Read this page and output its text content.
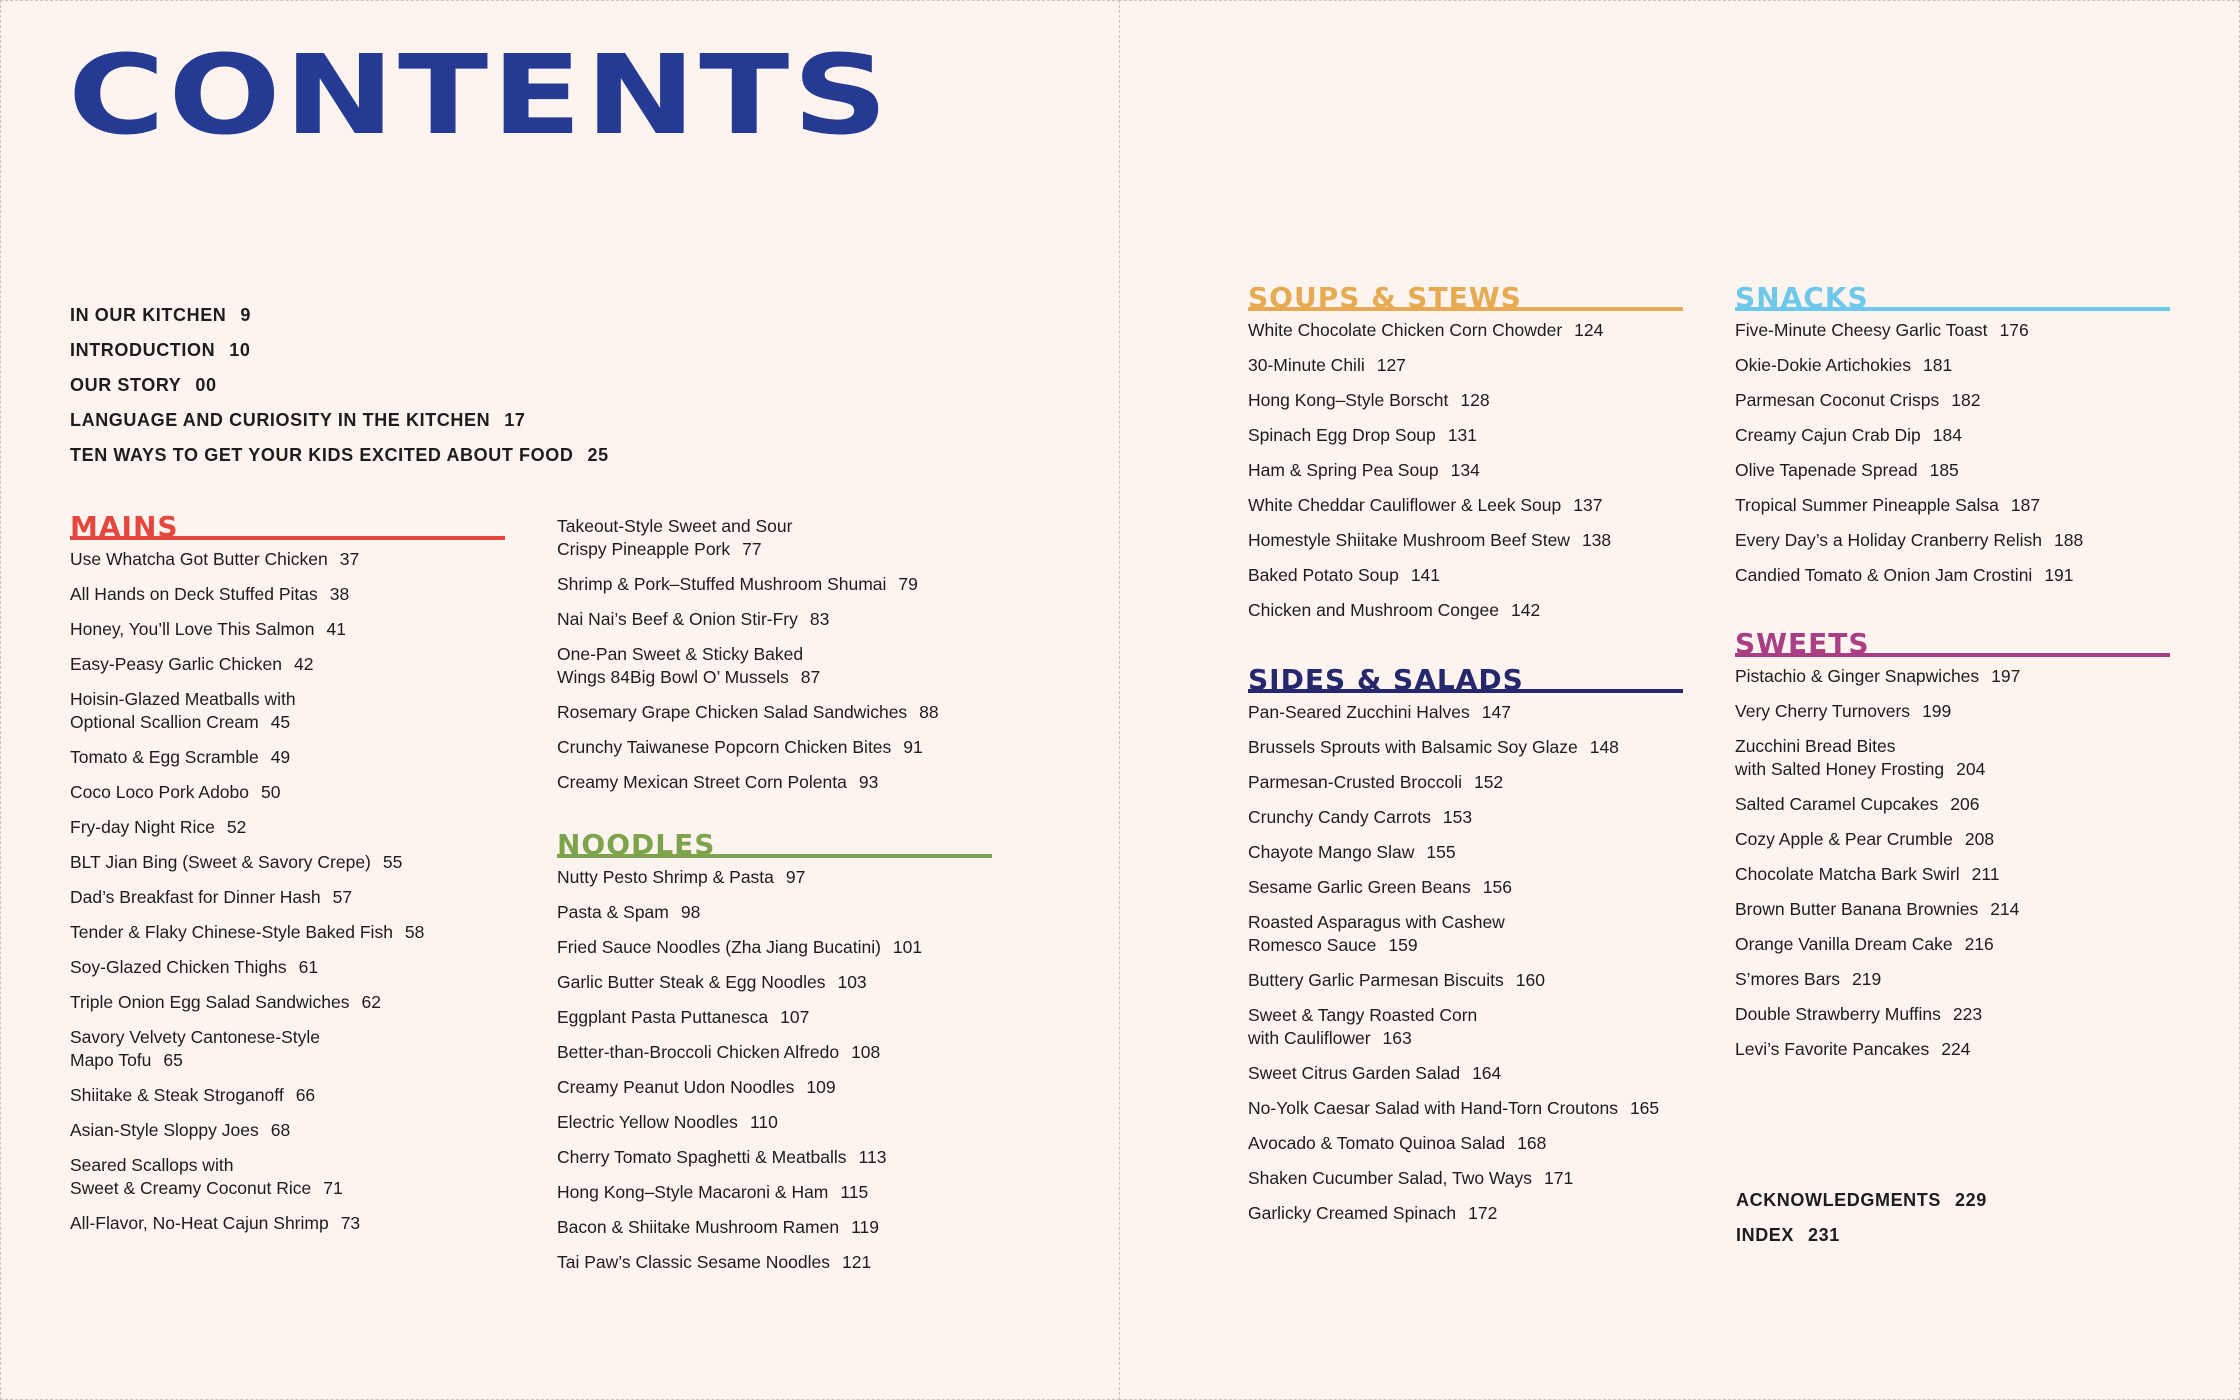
CONTENTS
IN OUR KITCHEN 9
INTRODUCTION 10
OUR STORY 00
LANGUAGE AND CURIOSITY IN THE KITCHEN 17
TEN WAYS TO GET YOUR KIDS EXCITED ABOUT FOOD 25
MAINS
Use Whatcha Got Butter Chicken 37
All Hands on Deck Stuffed Pitas 38
Honey, You’ll Love This Salmon 41
Easy-Peasy Garlic Chicken 42
Hoisin-Glazed Meatballs with
Optional Scallion Cream 45
Tomato & Egg Scramble 49
Coco Loco Pork Adobo 50
Fry-day Night Rice 52
BLT Jian Bing (Sweet & Savory Crepe) 55
Dad’s Breakfast for Dinner Hash 57
Tender & Flaky Chinese-Style Baked Fish 58
Soy-Glazed Chicken Thighs 61
Triple Onion Egg Salad Sandwiches 62
Savory Velvety Cantonese-Style
Mapo Tofu 65
Shiitake & Steak Stroganoff 66
Asian-Style Sloppy Joes 68
Seared Scallops with
Sweet & Creamy Coconut Rice 71
All-Flavor, No-Heat Cajun Shrimp 73
Takeout-Style Sweet and Sour
Crispy Pineapple Pork 77
Shrimp & Pork–Stuffed Mushroom Shumai 79
Nai Nai’s Beef & Onion Stir-Fry 83
One-Pan Sweet & Sticky Baked
Wings 84Big Bowl O’ Mussels 87
Rosemary Grape Chicken Salad Sandwiches 88
Crunchy Taiwanese Popcorn Chicken Bites 91
Creamy Mexican Street Corn Polenta 93
NOODLES
Nutty Pesto Shrimp & Pasta 97
Pasta & Spam 98
Fried Sauce Noodles (Zha Jiang Bucatini) 101
Garlic Butter Steak & Egg Noodles 103
Eggplant Pasta Puttanesca 107
Better-than-Broccoli Chicken Alfredo 108
Creamy Peanut Udon Noodles 109
Electric Yellow Noodles 110
Cherry Tomato Spaghetti & Meatballs 113
Hong Kong–Style Macaroni & Ham 115
Bacon & Shiitake Mushroom Ramen 119
Tai Paw’s Classic Sesame Noodles 121
SOUPS & STEWS
White Chocolate Chicken Corn Chowder 124
30-Minute Chili 127
Hong Kong–Style Borscht 128
Spinach Egg Drop Soup 131
Ham & Spring Pea Soup 134
White Cheddar Cauliflower & Leek Soup 137
Homestyle Shiitake Mushroom Beef Stew 138
Baked Potato Soup 141
Chicken and Mushroom Congee 142
SIDES & SALADS
Pan-Seared Zucchini Halves 147
Brussels Sprouts with Balsamic Soy Glaze 148
Parmesan-Crusted Broccoli 152
Crunchy Candy Carrots 153
Chayote Mango Slaw 155
Sesame Garlic Green Beans 156
Roasted Asparagus with Cashew
Romesco Sauce 159
Buttery Garlic Parmesan Biscuits 160
Sweet & Tangy Roasted Corn
with Cauliflower 163
Sweet Citrus Garden Salad 164
No-Yolk Caesar Salad with Hand-Torn Croutons 165
Avocado & Tomato Quinoa Salad 168
Shaken Cucumber Salad, Two Ways 171
Garlicky Creamed Spinach 172
SNACKS
Five-Minute Cheesy Garlic Toast 176
Okie-Dokie Artichokies 181
Parmesan Coconut Crisps 182
Creamy Cajun Crab Dip 184
Olive Tapenade Spread 185
Tropical Summer Pineapple Salsa 187
Every Day’s a Holiday Cranberry Relish 188
Candied Tomato & Onion Jam Crostini 191
SWEETS
Pistachio & Ginger Snapwiches 197
Very Cherry Turnovers 199
Zucchini Bread Bites
with Salted Honey Frosting 204
Salted Caramel Cupcakes 206
Cozy Apple & Pear Crumble 208
Chocolate Matcha Bark Swirl 211
Brown Butter Banana Brownies 214
Orange Vanilla Dream Cake 216
S’mores Bars 219
Double Strawberry Muffins 223
Levi’s Favorite Pancakes 224
ACKNOWLEDGMENTS 229
INDEX 231
